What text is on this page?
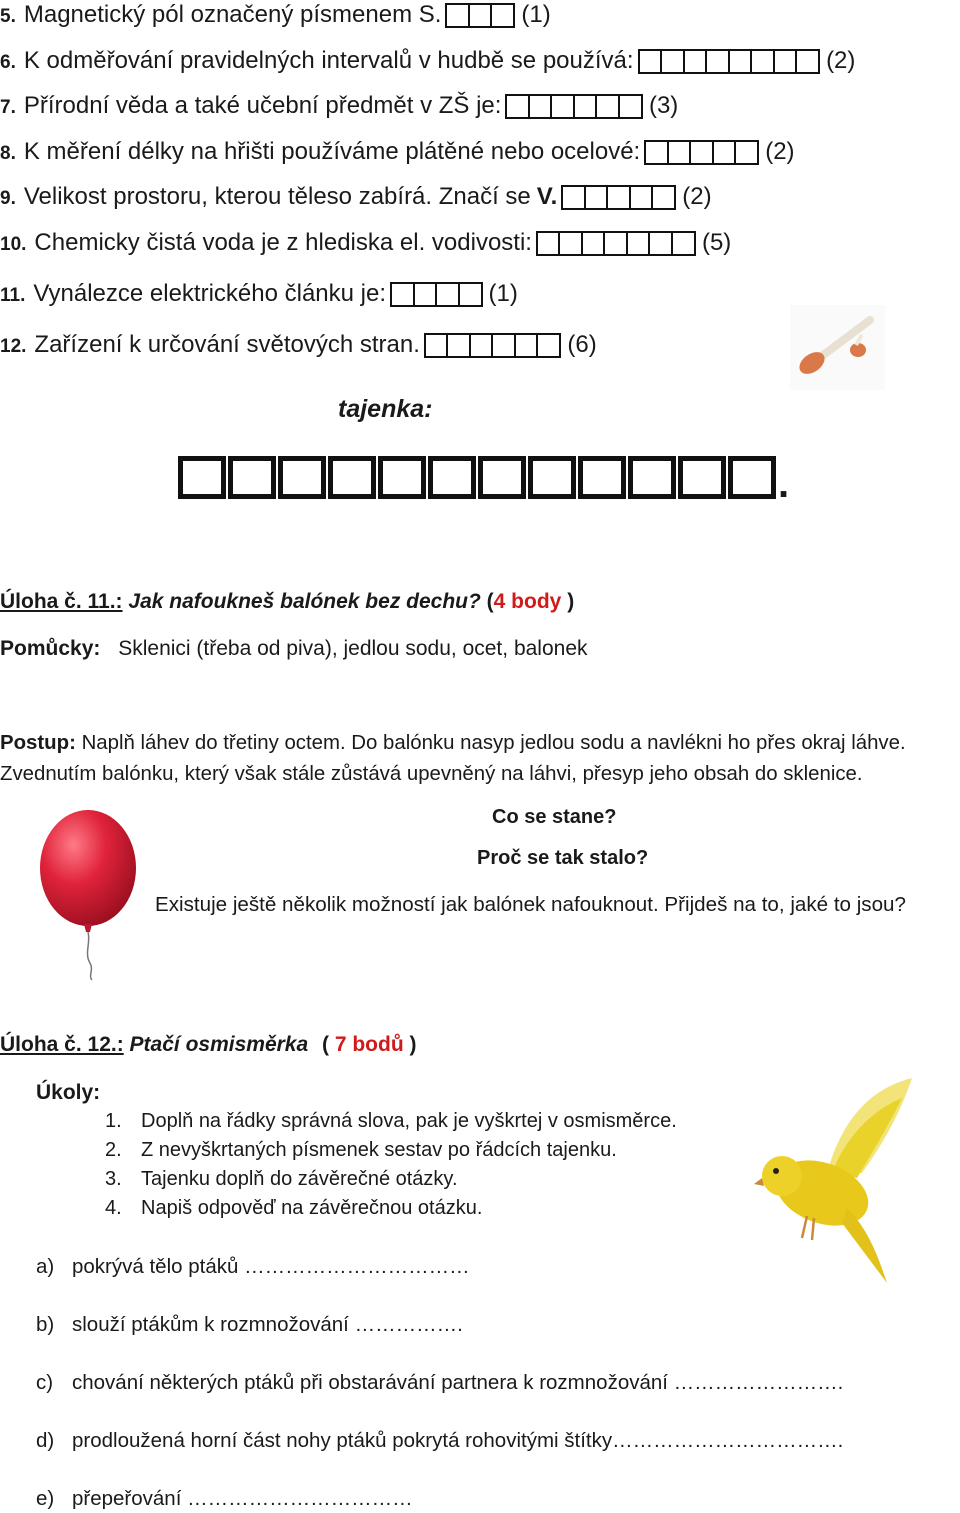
5. Magnetický pól označený písmenem S.	(1)
6. K odměřování pravidelných intervalů v hudbě se používá:	(2)
7. Přírodní věda a také učební předmět v ZŠ je:	(3)
8. K měření délky na hřišti používáme plátěné nebo ocelové:	(2)
9. Velikost prostoru, kterou těleso zabírá. Značí se V.	(2)
10. Chemicky čistá voda je z hlediska el. vodivosti:	(5)
11. Vynálezce elektrického článku je:	(1)
12. Zařízení k určování světových stran.	(6)
tajenka:
.
Úloha č. 11.: Jak nafoukneš balónek bez dechu? (4 body )
Pomůcky: Sklenici (třeba od piva), jedlou sodu, ocet, balonek
Postup: Naplň láhev do třetiny octem. Do balónku nasyp jedlou sodu a navlékni ho přes okraj láhve.
Zvednutím balónku, který však stále zůstává upevněný na láhvi, přesyp jeho obsah do sklenice.
Co se stane?
Proč se tak stalo?
Existuje ještě několik možností jak balónek nafouknout. Přijdeš na to, jaké to jsou?
Úloha č. 12.: Ptačí osmisměrka ( 7 bodů )
Úkoly:
1. Doplň na řádky správná slova, pak je vyškrtej v osmisměrce.
2. Z nevyškrtaných písmenek sestav po řádcích tajenku.
3. Tajenku doplň do závěrečné otázky.
4. Napiš odpověď na závěrečnou otázku.
a) pokrývá tělo ptáků ……………………………
b) slouží ptákům k rozmnožování …………….
c) chování některých ptáků při obstarávání partnera k rozmnožování …………………….
d) prodloužená horní část nohy ptáků pokrytá rohovitými štítky…………………………….
e) přepeřování ……………………………
